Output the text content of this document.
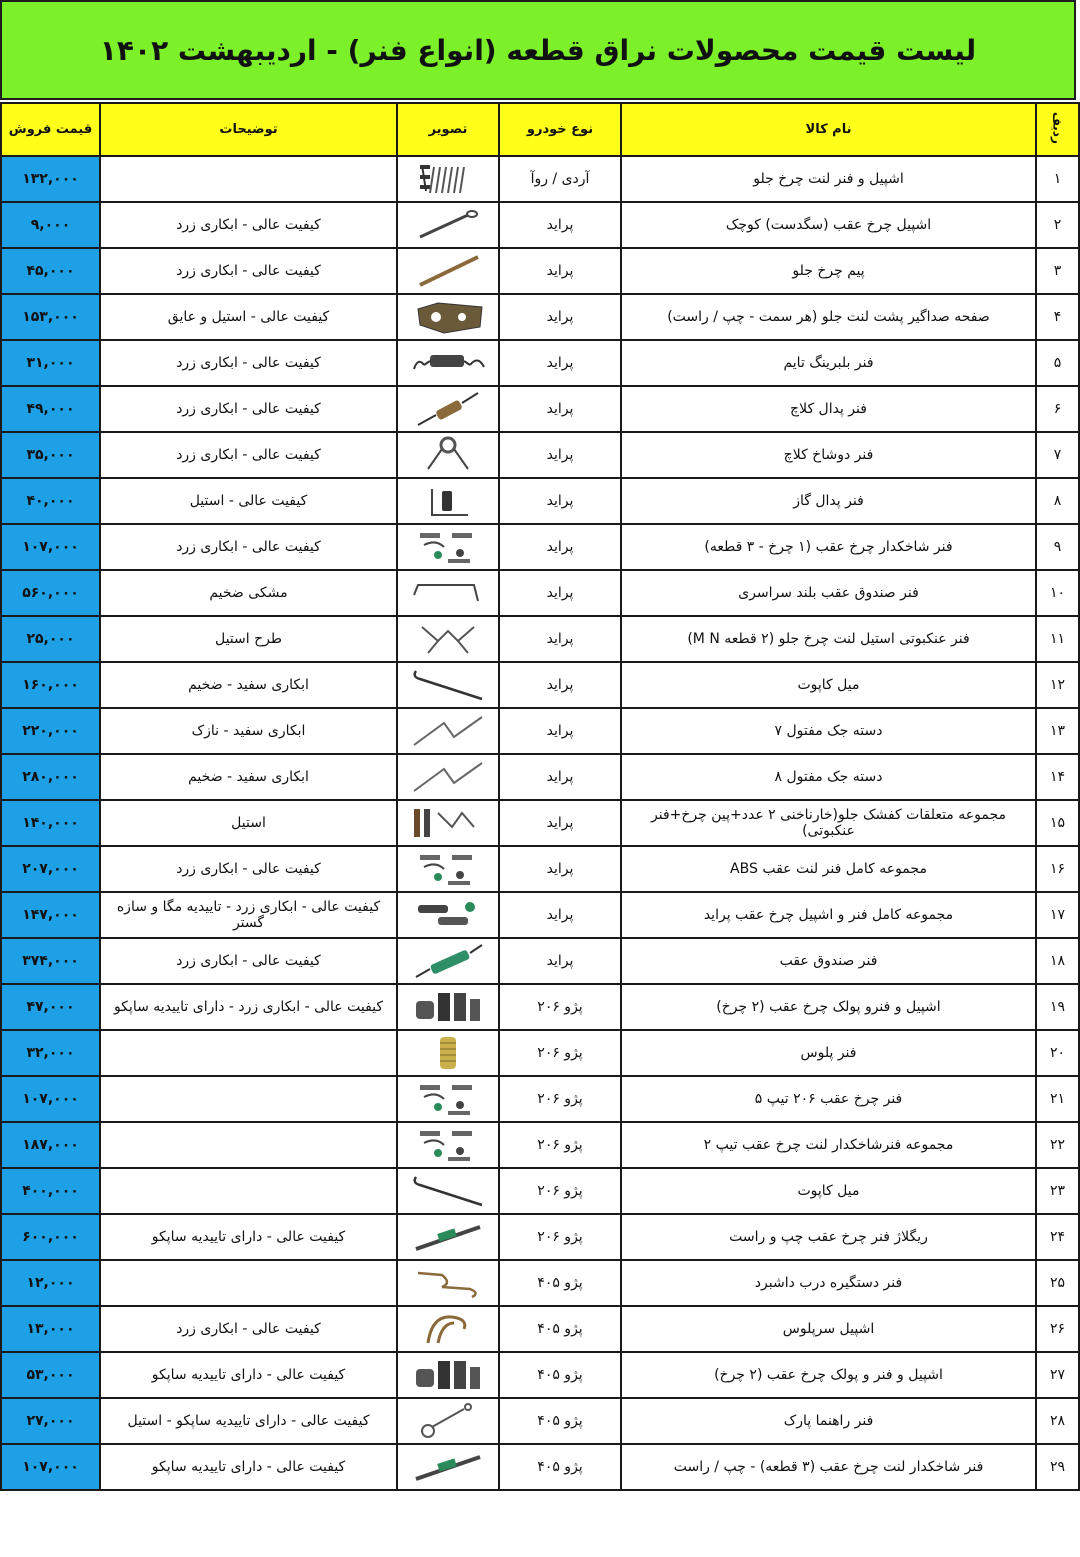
لیست قیمت محصولات نراق قطعه (انواع فنر) - اردیبهشت ۱۴۰۲
ردیف	نام کالا	نوع خودرو	تصویر	توضیحات	قیمت فروش
۱	اشپیل و فنر لنت چرخ جلو	آردی / روآ			۱۳۲,۰۰۰
۲	اشپیل چرخ عقب (سگدست) کوچک	پراید		کیفیت عالی - ابکاری زرد	۹,۰۰۰
۳	پیم چرخ جلو	پراید		کیفیت عالی - ابکاری زرد	۴۵,۰۰۰
۴	صفحه صداگیر پشت لنت جلو (هر سمت - چپ / راست)	پراید		کیفیت عالی - استیل و عایق	۱۵۳,۰۰۰
۵	فنر بلبرینگ تایم	پراید		کیفیت عالی - ابکاری زرد	۳۱,۰۰۰
۶	فنر پدال کلاچ	پراید		کیفیت عالی - ابکاری زرد	۴۹,۰۰۰
۷	فنر دوشاخ کلاچ	پراید		کیفیت عالی - ابکاری زرد	۳۵,۰۰۰
۸	فنر پدال گاز	پراید		کیفیت عالی - استیل	۴۰,۰۰۰
۹	فنر شاخکدار چرخ عقب (۱ چرخ - ۳ قطعه)	پراید		کیفیت عالی - ابکاری زرد	۱۰۷,۰۰۰
۱۰	فنر صندوق عقب بلند سراسری	پراید		مشکی ضخیم	۵۶۰,۰۰۰
۱۱	فنر عنکبوتی استیل لنت چرخ جلو (۲ قطعه M N)	پراید		طرح استیل	۲۵,۰۰۰
۱۲	میل کاپوت	پراید		ابکاری سفید - ضخیم	۱۶۰,۰۰۰
۱۳	دسته جک مفتول ۷	پراید		ابکاری سفید - نازک	۲۲۰,۰۰۰
۱۴	دسته جک مفتول ۸	پراید		ابکاری سفید - ضخیم	۲۸۰,۰۰۰
۱۵	مجموعه متعلقات کفشک جلو(خارناخنی ۲ عدد+پین چرخ+فنر عنکبوتی)	پراید		استیل	۱۴۰,۰۰۰
۱۶	مجموعه کامل فنر لنت عقب ABS	پراید		کیفیت عالی - ابکاری زرد	۲۰۷,۰۰۰
۱۷	مجموعه کامل فنر و اشپیل چرخ عقب پراید	پراید		کیفیت عالی - ابکاری زرد - تاییدیه مگا و سازه گستر	۱۴۷,۰۰۰
۱۸	فنر صندوق عقب	پراید		کیفیت عالی - ابکاری زرد	۳۷۴,۰۰۰
۱۹	اشپیل و فنرو پولک چرخ عقب (۲ چرخ)	پژو ۲۰۶		کیفیت عالی - ابکاری زرد - دارای تاییدیه ساپکو	۴۷,۰۰۰
۲۰	فنر پلوس	پژو ۲۰۶			۳۲,۰۰۰
۲۱	فنر چرخ عقب ۲۰۶ تیپ ۵	پژو ۲۰۶			۱۰۷,۰۰۰
۲۲	مجموعه فنرشاخکدار لنت چرخ عقب تیپ ۲	پژو ۲۰۶			۱۸۷,۰۰۰
۲۳	میل کاپوت	پژو ۲۰۶			۴۰۰,۰۰۰
۲۴	ریگلاژ فنر چرخ عقب چپ و راست	پژو ۲۰۶		کیفیت عالی - دارای تاییدیه ساپکو	۶۰۰,۰۰۰
۲۵	فنر دستگیره درب داشبرد	پژو ۴۰۵			۱۲,۰۰۰
۲۶	اشپیل سرپلوس	پژو ۴۰۵		کیفیت عالی - ابکاری زرد	۱۳,۰۰۰
۲۷	اشپیل و فنر و پولک چرخ عقب (۲ چرخ)	پژو ۴۰۵		کیفیت عالی - دارای تاییدیه ساپکو	۵۳,۰۰۰
۲۸	فنر راهنما پارک	پژو ۴۰۵		کیفیت عالی - دارای تاییدیه ساپکو - استیل	۲۷,۰۰۰
۲۹	فنر شاخکدار لنت چرخ عقب (۳ قطعه) - چپ / راست	پژو ۴۰۵		کیفیت عالی - دارای تاییدیه ساپکو	۱۰۷,۰۰۰
